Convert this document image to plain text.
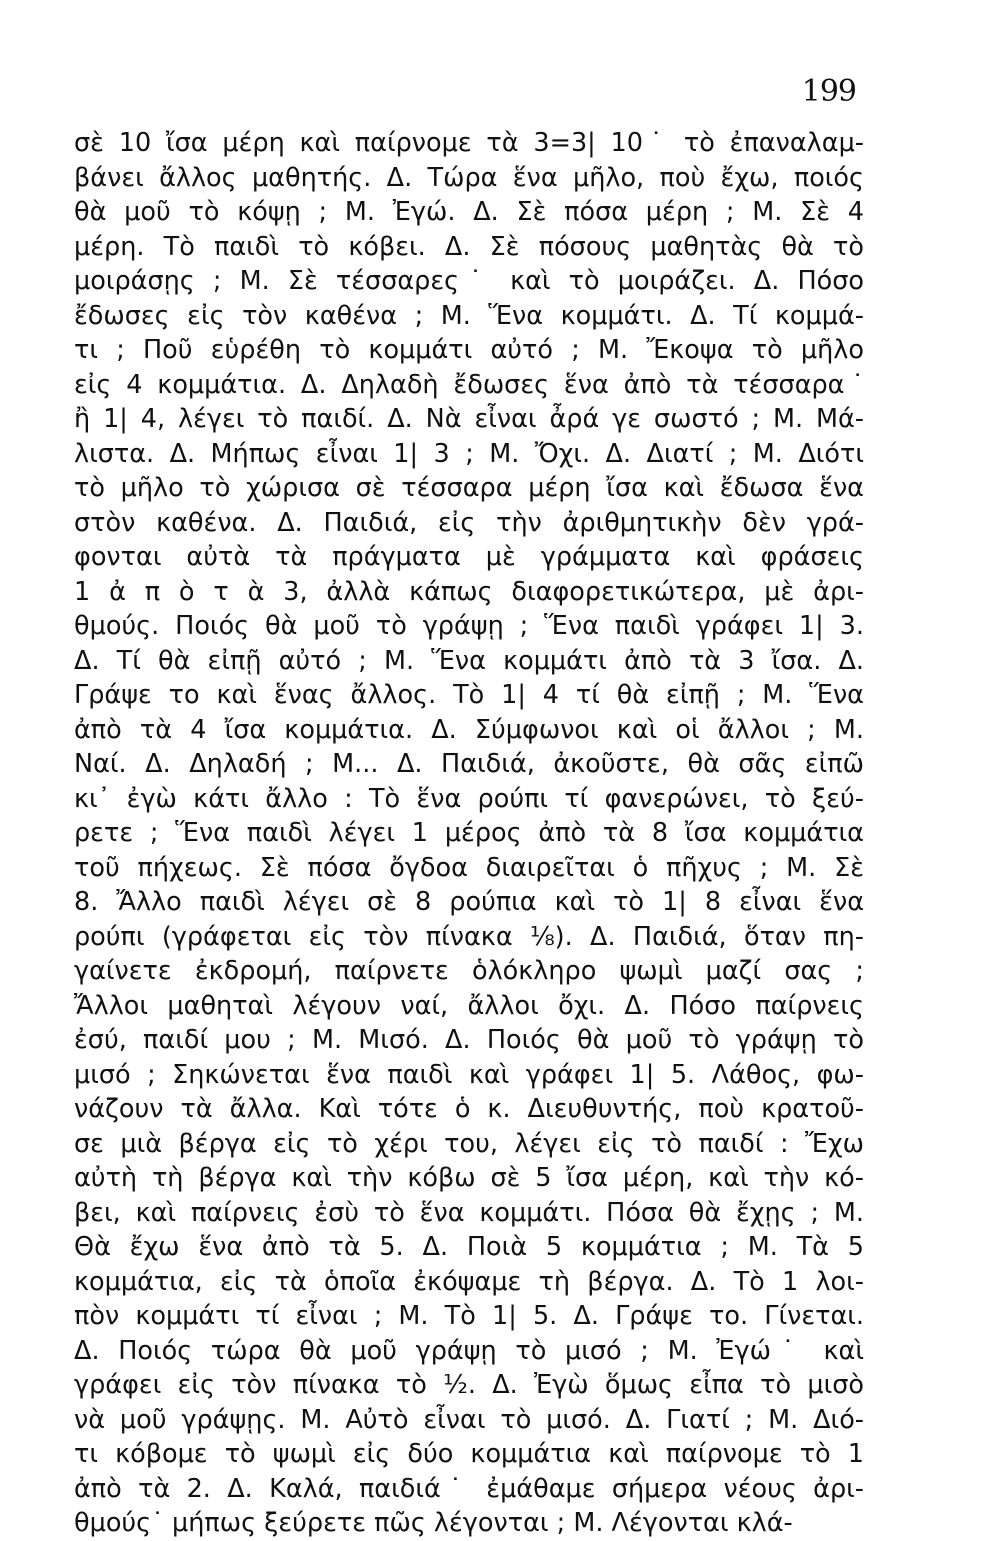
199
σὲ 10 ἴσα μέρη καὶ παίρνομε τὰ 3=3| 10˙ τὸ ἐπαναλαμ-
βάνει ἄλλος μαθητής. Δ. Τώρα ἕνα μῆλο, ποὺ ἔχω, ποιός
θὰ μοῦ τὸ κόψῃ ; Μ. Ἐγώ. Δ. Σὲ πόσα μέρη ; Μ. Σὲ 4
μέρη. Τὸ παιδὶ τὸ κόβει. Δ. Σὲ πόσους μαθητὰς θὰ τὸ
μοιράσῃς ; Μ. Σὲ τέσσαρες˙ καὶ τὸ μοιράζει. Δ. Πόσο
ἔδωσες εἰς τὸν καθένα ; Μ. Ἕνα κομμάτι. Δ. Τί κομμά-
τι ; Ποῦ εὑρέθη τὸ κομμάτι αὐτό ; Μ. Ἔκοψα τὸ μῆλο
εἰς 4 κομμάτια. Δ. Δηλαδὴ ἔδωσες ἕνα ἀπὸ τὰ τέσσαρα˙
ἢ 1| 4, λέγει τὸ παιδί. Δ. Νὰ εἶναι ἆρά γε σωστό ; Μ. Μά-
λιστα. Δ. Μήπως εἶναι 1| 3 ; Μ. Ὄχι. Δ. Διατί ; Μ. Διότι
τὸ μῆλο τὸ χώρισα σὲ τέσσαρα μέρη ἴσα καὶ ἔδωσα ἕνα
στὸν καθένα. Δ. Παιδιά, εἰς τὴν ἀριθμητικὴν δὲν γρά-
φονται αὐτὰ τὰ πράγματα μὲ γράμματα καὶ φράσεις
1 ἀ π ὸ τ ὰ 3, ἀλλὰ κάπως διαφορετικώτερα, μὲ ἀρι-
θμούς. Ποιός θὰ μοῦ τὸ γράψῃ ; Ἕνα παιδὶ γράφει 1| 3.
Δ. Τί θὰ εἰπῇ αὐτό ; Μ. Ἕνα κομμάτι ἀπὸ τὰ 3 ἴσα. Δ.
Γράψε το καὶ ἕνας ἄλλος. Τὸ 1| 4 τί θὰ εἰπῇ ; Μ. Ἕνα
ἀπὸ τὰ 4 ἴσα κομμάτια. Δ. Σύμφωνοι καὶ οἱ ἄλλοι ; Μ.
Ναί. Δ. Δηλαδή ; Μ... Δ. Παιδιά, ἀκοῦστε, θὰ σᾶς εἰπῶ
κι᾿ ἐγὼ κάτι ἄλλο : Τὸ ἕνα ρούπι τί φανερώνει, τὸ ξεύ-
ρετε ; Ἕνα παιδὶ λέγει 1 μέρος ἀπὸ τὰ 8 ἴσα κομμάτια
τοῦ πήχεως. Σὲ πόσα ὄγδοα διαιρεῖται ὁ πῆχυς ; Μ. Σὲ
8. Ἄλλο παιδὶ λέγει σὲ 8 ρούπια καὶ τὸ 1| 8 εἶναι ἕνα
ρούπι (γράφεται εἰς τὸν πίνακα ⅛). Δ. Παιδιά, ὅταν πη-
γαίνετε ἐκδρομή, παίρνετε ὁλόκληρο ψωμὶ μαζί σας ;
Ἄλλοι μαθηταὶ λέγουν ναί, ἄλλοι ὄχι. Δ. Πόσο παίρνεις
ἐσύ, παιδί μου ; Μ. Μισό. Δ. Ποιός θὰ μοῦ τὸ γράψῃ τὸ
μισό ; Σηκώνεται ἕνα παιδὶ καὶ γράφει 1| 5. Λάθος, φω-
νάζουν τὰ ἄλλα. Καὶ τότε ὁ κ. Διευθυντής, ποὺ κρατοῦ-
σε μιὰ βέργα εἰς τὸ χέρι του, λέγει εἰς τὸ παιδί : Ἔχω
αὐτὴ τὴ βέργα καὶ τὴν κόβω σὲ 5 ἴσα μέρη, καὶ τὴν κό-
βει, καὶ παίρνεις ἐσὺ τὸ ἕνα κομμάτι. Πόσα θὰ ἔχῃς ; Μ.
Θὰ ἔχω ἕνα ἀπὸ τὰ 5. Δ. Ποιὰ 5 κομμάτια ; Μ. Τὰ 5
κομμάτια, εἰς τὰ ὁποῖα ἐκόψαμε τὴ βέργα. Δ. Τὸ 1 λοι-
πὸν κομμάτι τί εἶναι ; Μ. Τὸ 1| 5. Δ. Γράψε το. Γίνεται.
Δ. Ποιός τώρα θὰ μοῦ γράψῃ τὸ μισό ; Μ. Ἐγώ˙ καὶ
γράφει εἰς τὸν πίνακα τὸ ½. Δ. Ἐγὼ ὅμως εἶπα τὸ μισὸ
νὰ μοῦ γράψῃς. Μ. Αὐτὸ εἶναι τὸ μισό. Δ. Γιατί ; Μ. Διό-
τι κόβομε τὸ ψωμὶ εἰς δύο κομμάτια καὶ παίρνομε τὸ 1
ἀπὸ τὰ 2. Δ. Καλά, παιδιά˙ ἐμάθαμε σήμερα νέους ἀρι-
θμούς˙ μήπως ξεύρετε πῶς λέγονται ; Μ. Λέγονται κλά-
